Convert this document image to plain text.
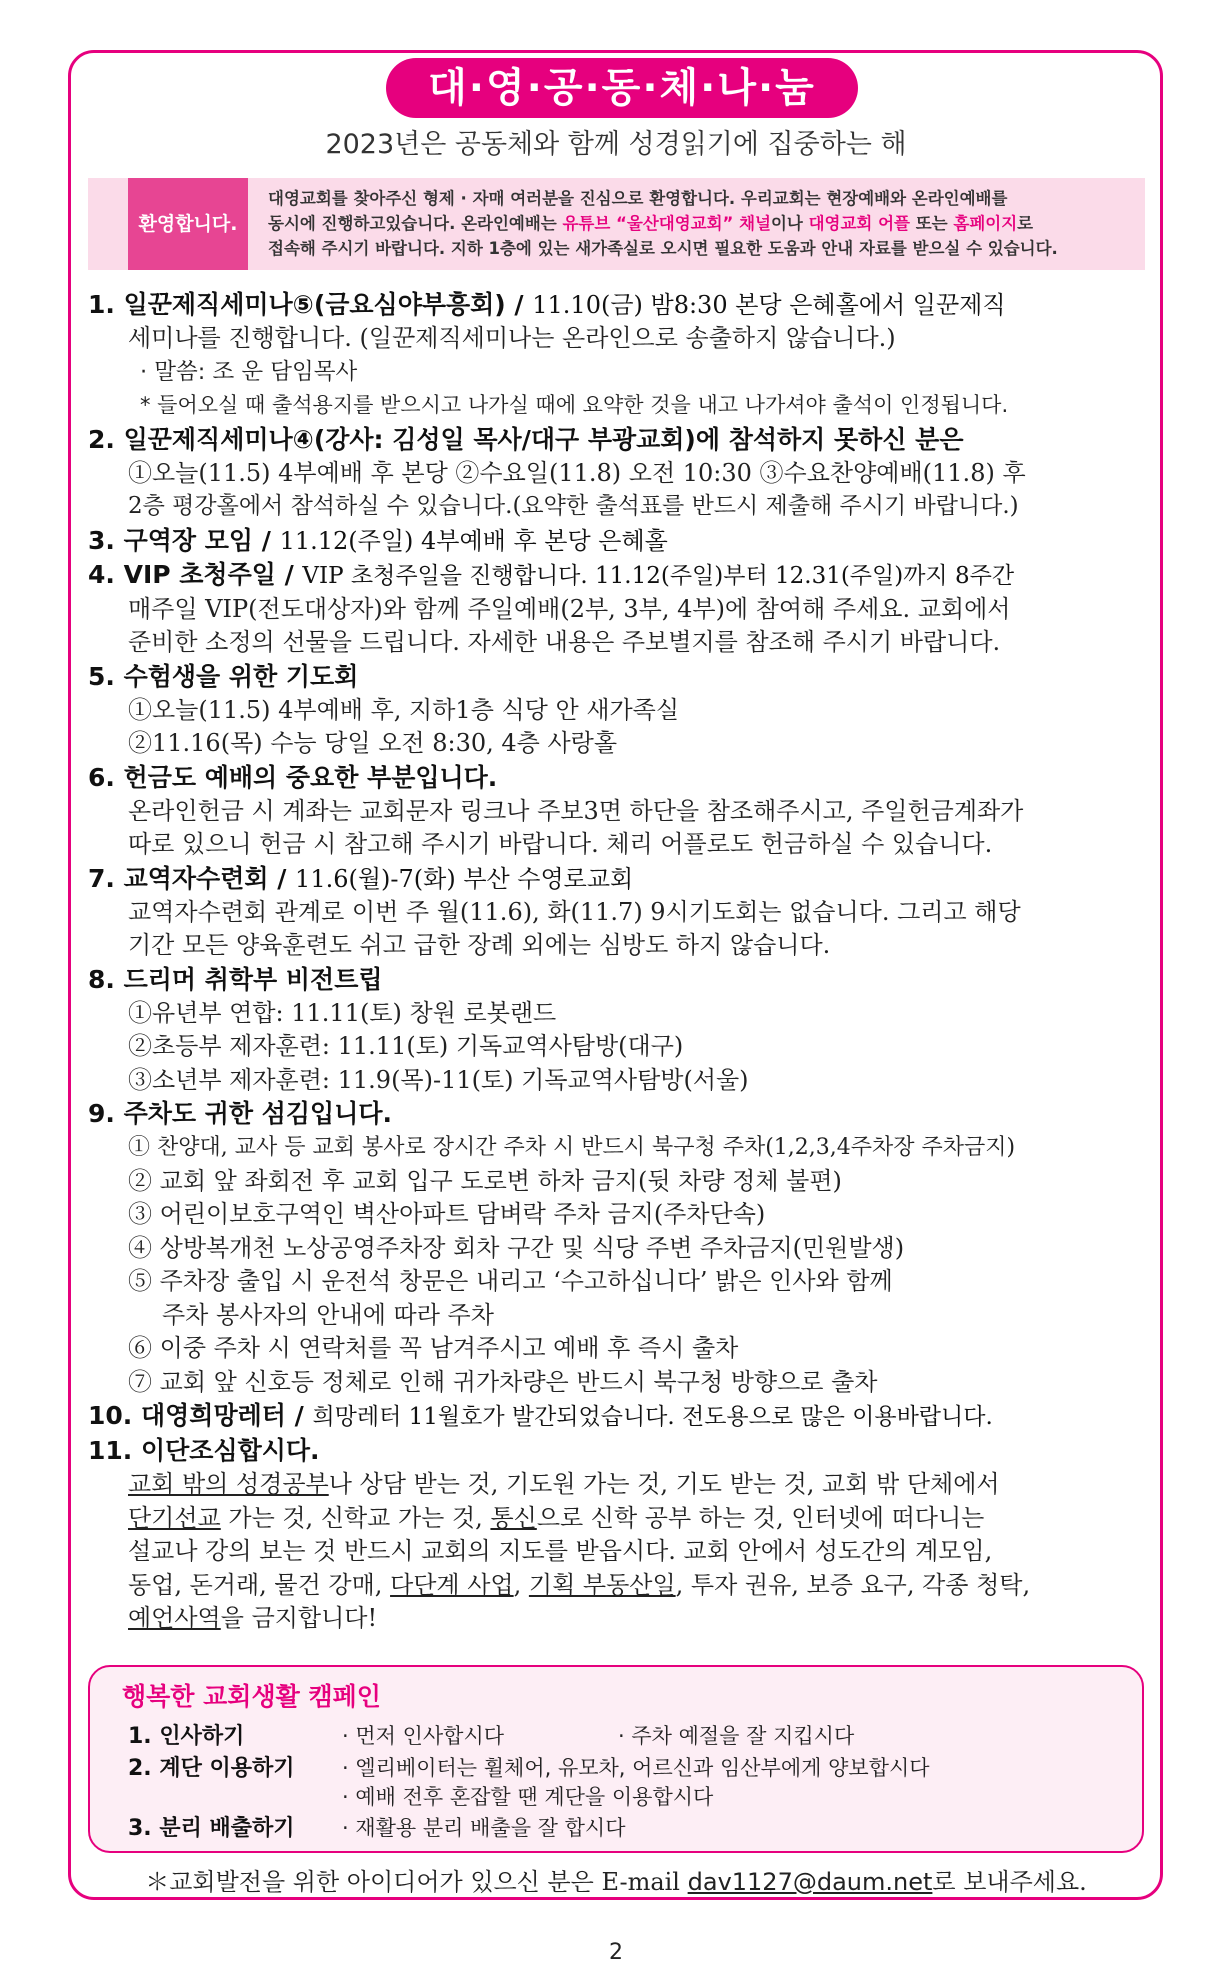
대·영·공·동·체·나·눔
2023년은 공동체와 함께 성경읽기에 집중하는 해
환영합니다.
대영교회를 찾아주신 형제 · 자매 여러분을 진심으로 환영합니다. 우리교회는 현장예배와 온라인예배를
동시에 진행하고있습니다. 온라인예배는 유튜브 “울산대영교회” 채널이나 대영교회 어플 또는 홈페이지로
접속해 주시기 바랍니다. 지하 1층에 있는 새가족실로 오시면 필요한 도움과 안내 자료를 받으실 수 있습니다.
1. 일꾼제직세미나⑤(금요심야부흥회) / 11.10(금) 밤8:30 본당 은혜홀에서 일꾼제직
세미나를 진행합니다. (일꾼제직세미나는 온라인으로 송출하지 않습니다.)
· 말씀: 조 운 담임목사
* 들어오실 때 출석용지를 받으시고 나가실 때에 요약한 것을 내고 나가셔야 출석이 인정됩니다.
2. 일꾼제직세미나④(강사: 김성일 목사/대구 부광교회)에 참석하지 못하신 분은
①오늘(11.5) 4부예배 후 본당 ②수요일(11.8) 오전 10:30 ③수요찬양예배(11.8) 후
2층 평강홀에서 참석하실 수 있습니다.(요약한 출석표를 반드시 제출해 주시기 바랍니다.)
3. 구역장 모임 / 11.12(주일) 4부예배 후 본당 은혜홀
4. VIP 초청주일 / VIP 초청주일을 진행합니다. 11.12(주일)부터 12.31(주일)까지 8주간
매주일 VIP(전도대상자)와 함께 주일예배(2부, 3부, 4부)에 참여해 주세요. 교회에서
준비한 소정의 선물을 드립니다. 자세한 내용은 주보별지를 참조해 주시기 바랍니다.
5. 수험생을 위한 기도회
①오늘(11.5) 4부예배 후, 지하1층 식당 안 새가족실
②11.16(목) 수능 당일 오전 8:30, 4층 사랑홀
6. 헌금도 예배의 중요한 부분입니다.
온라인헌금 시 계좌는 교회문자 링크나 주보3면 하단을 참조해주시고, 주일헌금계좌가
따로 있으니 헌금 시 참고해 주시기 바랍니다. 체리 어플로도 헌금하실 수 있습니다.
7. 교역자수련회 / 11.6(월)-7(화) 부산 수영로교회
교역자수련회 관계로 이번 주 월(11.6), 화(11.7) 9시기도회는 없습니다. 그리고 해당
기간 모든 양육훈련도 쉬고 급한 장례 외에는 심방도 하지 않습니다.
8. 드리머 취학부 비전트립
①유년부 연합: 11.11(토) 창원 로봇랜드
②초등부 제자훈련: 11.11(토) 기독교역사탐방(대구)
③소년부 제자훈련: 11.9(목)-11(토) 기독교역사탐방(서울)
9. 주차도 귀한 섬김입니다.
① 찬양대, 교사 등 교회 봉사로 장시간 주차 시 반드시 북구청 주차(1,2,3,4주차장 주차금지)
② 교회 앞 좌회전 후 교회 입구 도로변 하차 금지(뒷 차량 정체 불편)
③ 어린이보호구역인 벽산아파트 담벼락 주차 금지(주차단속)
④ 상방복개천 노상공영주차장 회차 구간 및 식당 주변 주차금지(민원발생)
⑤ 주차장 출입 시 운전석 창문은 내리고 ‘수고하십니다’ 밝은 인사와 함께
주차 봉사자의 안내에 따라 주차
⑥ 이중 주차 시 연락처를 꼭 남겨주시고 예배 후 즉시 출차
⑦ 교회 앞 신호등 정체로 인해 귀가차량은 반드시 북구청 방향으로 출차
10. 대영희망레터 / 희망레터 11월호가 발간되었습니다. 전도용으로 많은 이용바랍니다.
11. 이단조심합시다.
교회 밖의 성경공부나 상담 받는 것, 기도원 가는 것, 기도 받는 것, 교회 밖 단체에서
단기선교 가는 것, 신학교 가는 것, 통신으로 신학 공부 하는 것, 인터넷에 떠다니는
설교나 강의 보는 것 반드시 교회의 지도를 받읍시다. 교회 안에서 성도간의 계모임,
동업, 돈거래, 물건 강매, 다단계 사업, 기획 부동산일, 투자 권유, 보증 요구, 각종 청탁,
예언사역을 금지합니다!
행복한 교회생활 캠페인
1. 인사하기	· 먼저 인사합시다	· 주차 예절을 잘 지킵시다
2. 계단 이용하기 · 엘리베이터는 휠체어, 유모차, 어르신과 임산부에게 양보합시다
· 예배 전후 혼잡할 땐 계단을 이용합시다
3. 분리 배출하기 · 재활용 분리 배출을 잘 합시다
＊교회발전을 위한 아이디어가 있으신 분은 E-mail dav1127@daum.net로 보내주세요.
2
